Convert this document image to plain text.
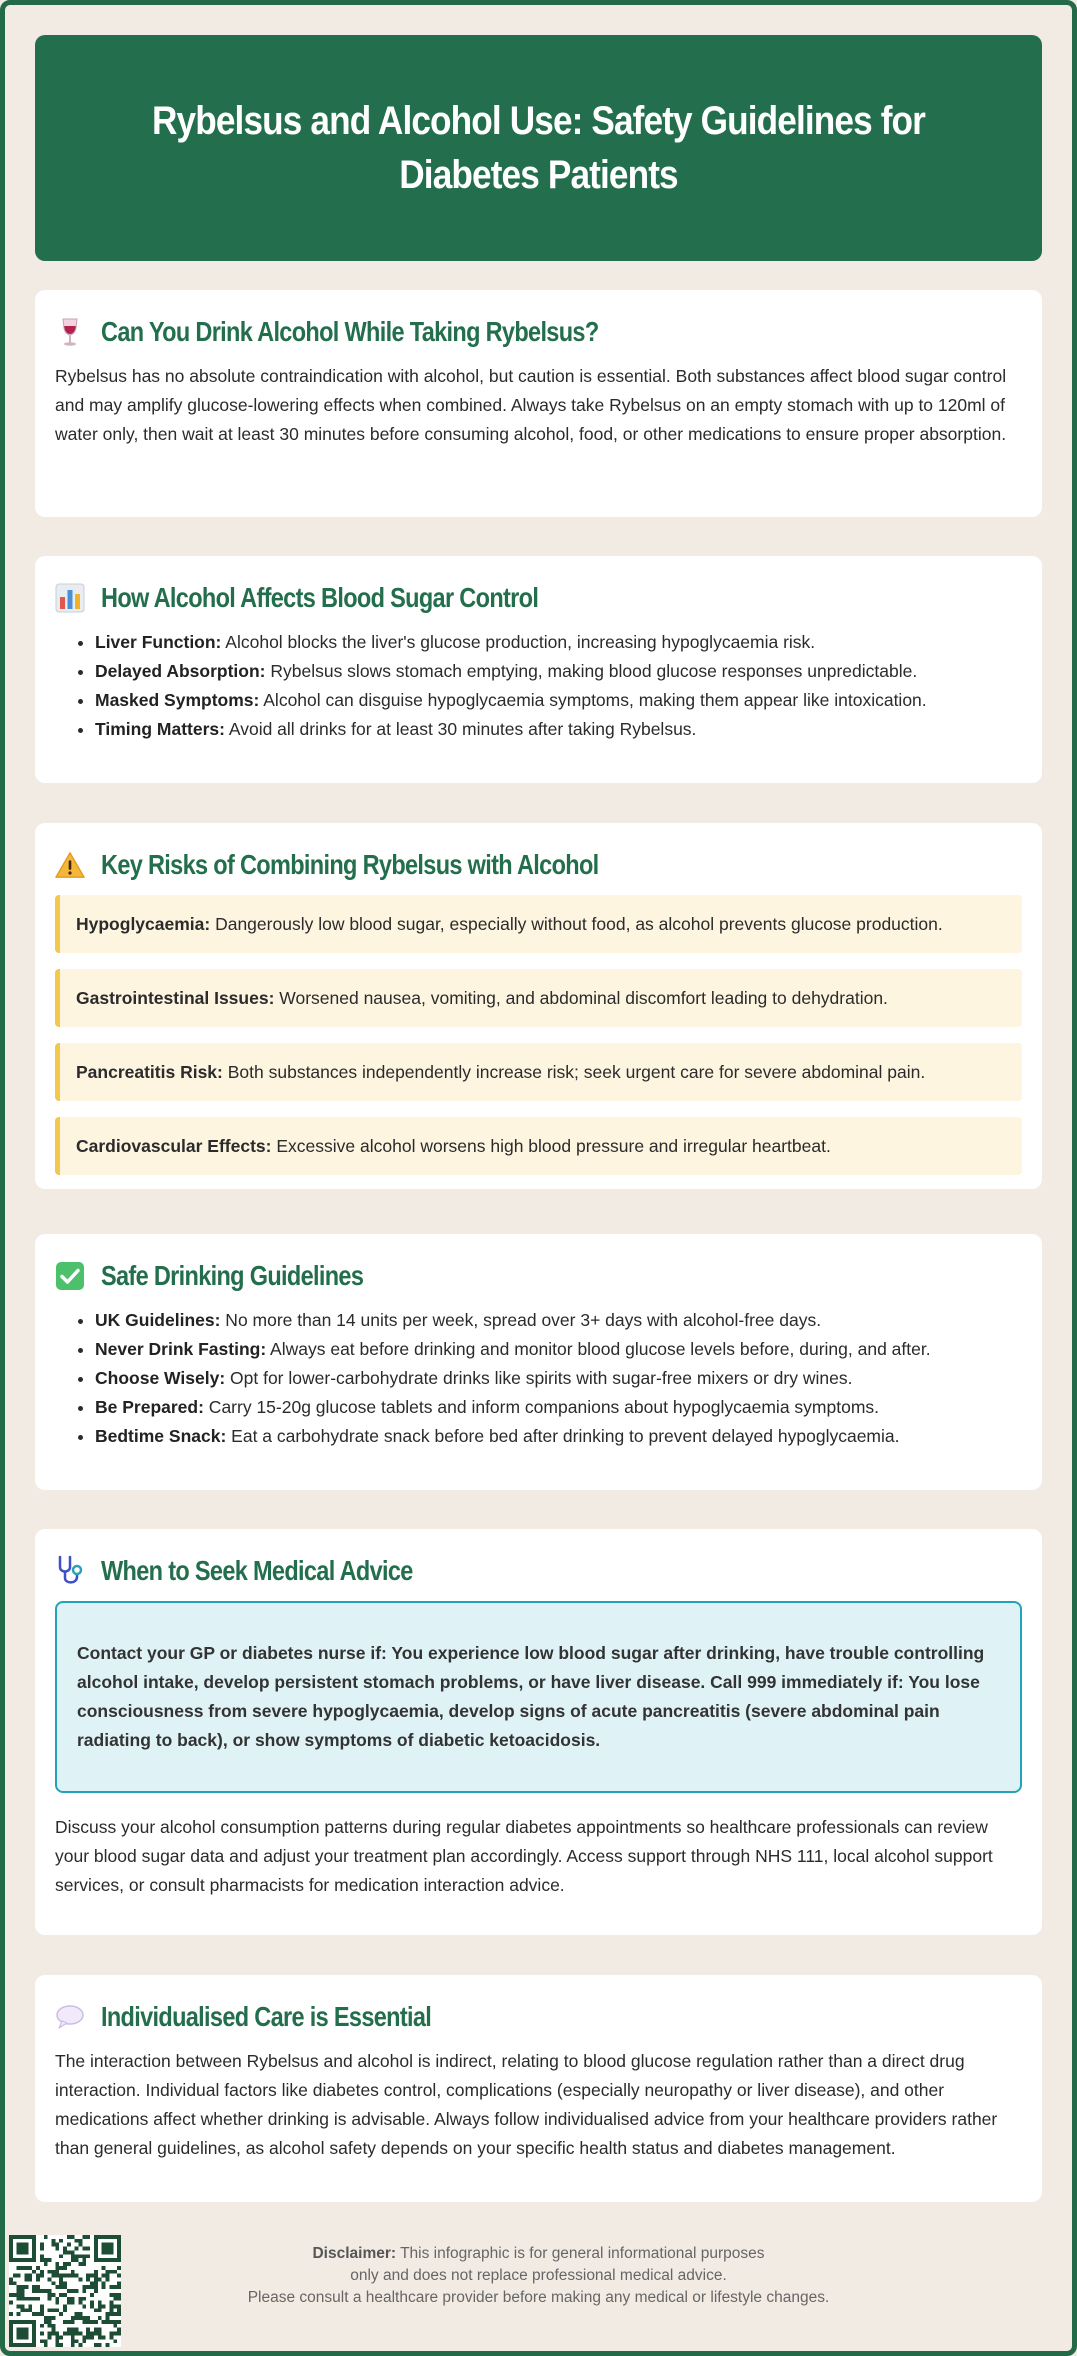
Rybelsus and Alcohol Use: Safety Guidelines for Diabetes Patients
Can You Drink Alcohol While Taking Rybelsus?

Rybelsus has no absolute contraindication with alcohol, but caution is essential. Both substances affect blood sugar control and may amplify glucose-lowering effects when combined. Always take Rybelsus on an empty stomach with up to 120ml of water only, then wait at least 30 minutes before consuming alcohol, food, or other medications to ensure proper absorption.

How Alcohol Affects Blood Sugar Control
• Liver Function: Alcohol blocks the liver's glucose production, increasing hypoglycaemia risk.
• Delayed Absorption: Rybelsus slows stomach emptying, making blood glucose responses unpredictable.
• Masked Symptoms: Alcohol can disguise hypoglycaemia symptoms, making them appear like intoxication.
• Timing Matters: Avoid all drinks for at least 30 minutes after taking Rybelsus.
Key Risks of Combining Rybelsus with Alcohol
Hypoglycaemia: Dangerously low blood sugar, especially without food, as alcohol prevents glucose production.
Gastrointestinal Issues: Worsened nausea, vomiting, and abdominal discomfort leading to dehydration.
Pancreatitis Risk: Both substances independently increase risk; seek urgent care for severe abdominal pain.
Cardiovascular Effects: Excessive alcohol worsens high blood pressure and irregular heartbeat.
Safe Drinking Guidelines
• UK Guidelines: No more than 14 units per week, spread over 3+ days with alcohol-free days.
• Never Drink Fasting: Always eat before drinking and monitor blood glucose levels before, during, and after.
• Choose Wisely: Opt for lower-carbohydrate drinks like spirits with sugar-free mixers or dry wines.
• Be Prepared: Carry 15-20g glucose tablets and inform companions about hypoglycaemia symptoms.
• Bedtime Snack: Eat a carbohydrate snack before bed after drinking to prevent delayed hypoglycaemia.
When to Seek Medical Advice
Contact your GP or diabetes nurse if: You experience low blood sugar after drinking, have trouble controlling alcohol intake, develop persistent stomach problems, or have liver disease. Call 999 immediately if: You lose consciousness from severe hypoglycaemia, develop signs of acute pancreatitis (severe abdominal pain radiating to back), or show symptoms of diabetic ketoacidosis.

Discuss your alcohol consumption patterns during regular diabetes appointments so healthcare professionals can review your blood sugar data and adjust your treatment plan accordingly. Access support through NHS 111, local alcohol support services, or consult pharmacists for medication interaction advice.

Individualised Care is Essential

The interaction between Rybelsus and alcohol is indirect, relating to blood glucose regulation rather than a direct drug interaction. Individual factors like diabetes control, complications (especially neuropathy or liver disease), and other medications affect whether drinking is advisable. Always follow individualised advice from your healthcare providers rather than general guidelines, as alcohol safety depends on your specific health status and diabetes management.

Disclaimer: This infographic is for general informational purposes
only and does not replace professional medical advice.
Please consult a healthcare provider before making any medical or lifestyle changes.
